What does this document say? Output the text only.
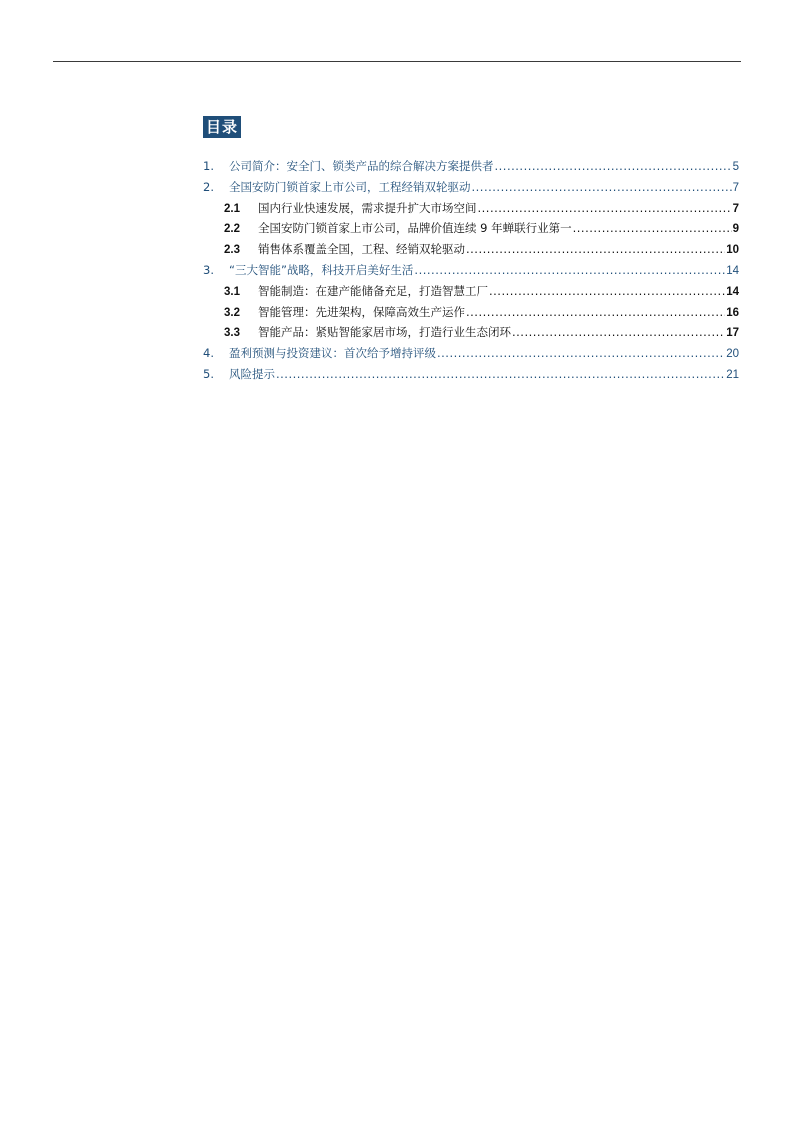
目录
1.	公司简介：安全门、锁类产品的综合解决方案提供者 .....	5
2.	全国安防门锁首家上市公司，工程经销双轮驱动 .....	7
2.1	国内行业快速发展，需求提升扩大市场空间 .....	7
2.2	全国安防门锁首家上市公司，品牌价值连续 9 年蝉联行业第一 .....	9
2.3	销售体系覆盖全国，工程、经销双轮驱动 .....	10
3.	“三大智能”战略，科技开启美好生活 .....	14
3.1	智能制造：在建产能储备充足，打造智慧工厂 .....	14
3.2	智能管理：先进架构，保障高效生产运作 .....	16
3.3	智能产品：紧贴智能家居市场，打造行业生态闭环 .....	17
4.	盈利预测与投资建议：首次给予增持评级 .....	20
5.	风险提示 .....	21
